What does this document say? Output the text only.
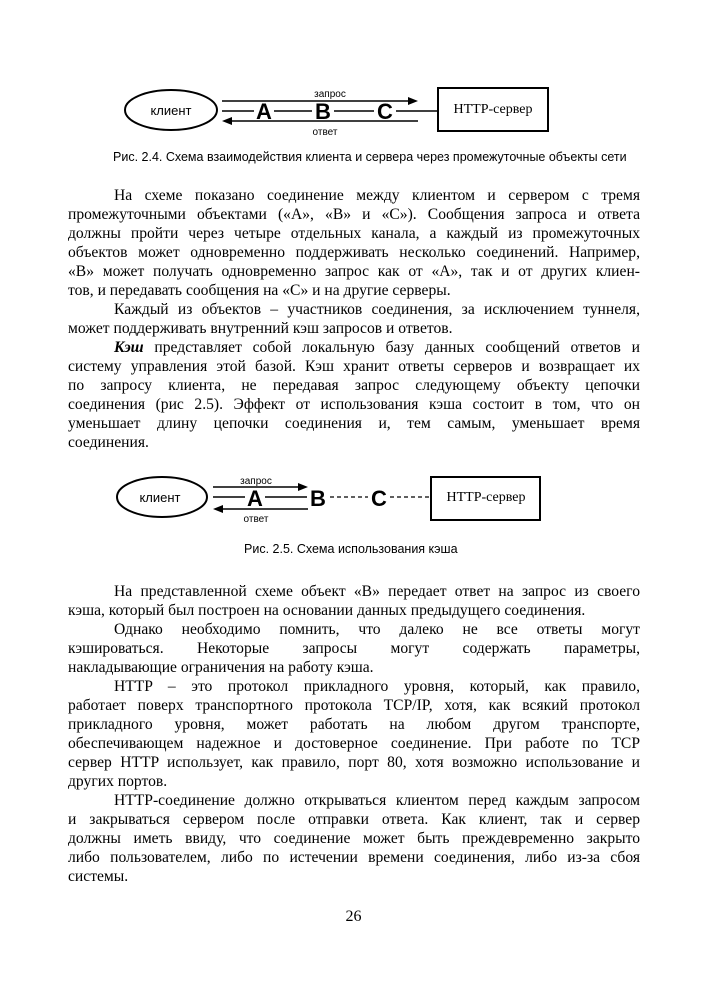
клиент	HTTP-сервер
запрос
ответ
A B C
Рис. 2.4. Схема взаимодействия клиента и сервера через промежуточные объекты сети
На схеме показано соединение между клиентом и сервером с тремя
промежуточными объектами («A», «B» и «C»). Сообщения запроса и ответа
должны пройти через четыре отдельных канала, а каждый из промежуточных
объектов может одновременно поддерживать несколько соединений. Например,
«B» может получать одновременно запрос как от «A», так и от других клиен-
тов, и передавать сообщения на «C» и на другие серверы.
Каждый из объектов – участников соединения, за исключением туннеля,
может поддерживать внутренний кэш запросов и ответов.
Кэш представляет собой локальную базу данных сообщений ответов и
систему управления этой базой. Кэш хранит ответы серверов и возвращает их
по запросу клиента, не передавая запрос следующему объекту цепочки
соединения (рис 2.5). Эффект от использования кэша состоит в том, что он
уменьшает длину цепочки соединения и, тем самым, уменьшает время
соединения.
клиент	HTTP-сервер
запрос
ответ
A B C
Рис. 2.5. Схема использования кэша
На представленной схеме объект «B» передает ответ на запрос из своего
кэша, который был построен на основании данных предыдущего соединения.
Однако необходимо помнить, что далеко не все ответы могут
кэшироваться. Некоторые запросы могут содержать параметры,
накладывающие ограничения на работу кэша.
HTTP – это протокол прикладного уровня, который, как правило,
работает поверх транспортного протокола TCP/IP, хотя, как всякий протокол
прикладного уровня, может работать на любом другом транспорте,
обеспечивающем надежное и достоверное соединение. При работе по TCP
сервер HTTP использует, как правило, порт 80, хотя возможно использование и
других портов.
HTTP-соединение должно открываться клиентом перед каждым запросом
и закрываться сервером после отправки ответа. Как клиент, так и сервер
должны иметь ввиду, что соединение может быть преждевременно закрыто
либо пользователем, либо по истечении времени соединения, либо из-за сбоя
системы.
26
